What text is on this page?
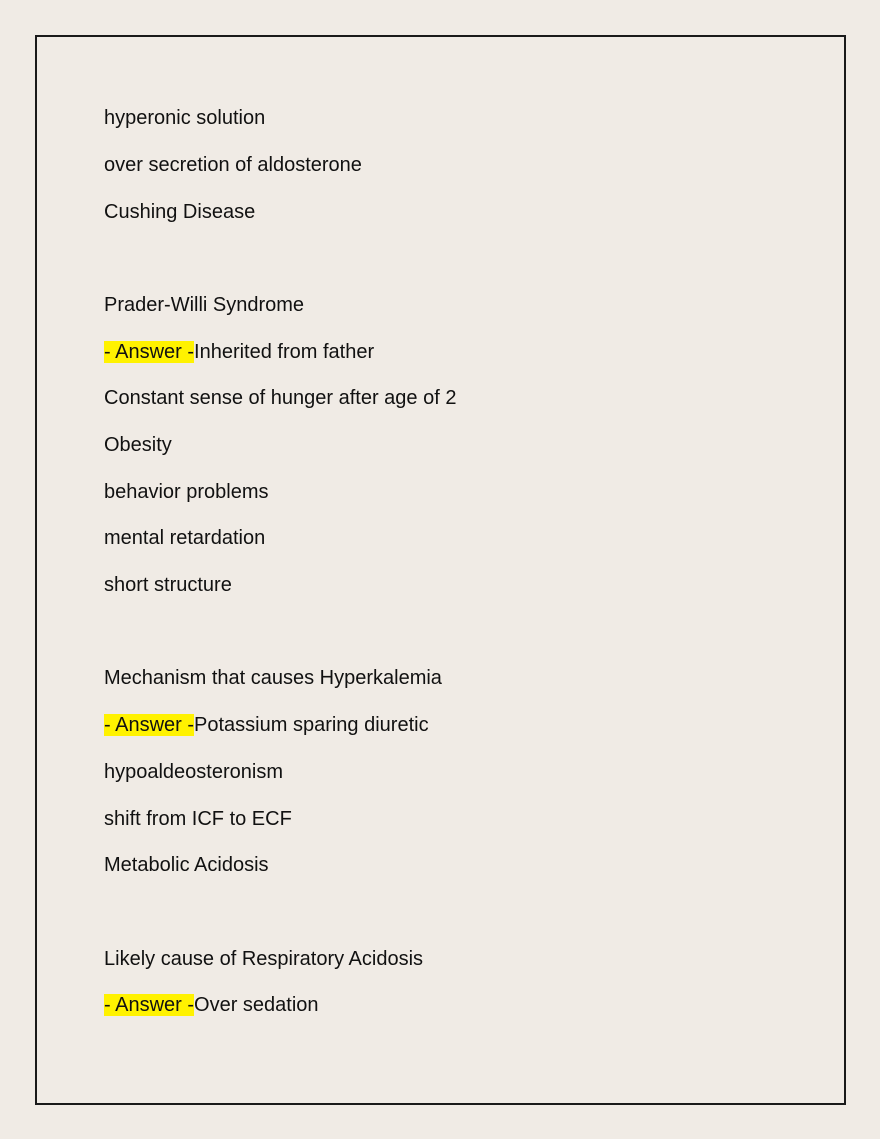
hyperonic solution
over secretion of aldosterone
Cushing Disease
Prader-Willi Syndrome
- Answer -Inherited from father
Constant sense of hunger after age of 2
Obesity
behavior problems
mental retardation
short structure
Mechanism that causes Hyperkalemia
- Answer -Potassium sparing diuretic
hypoaldeosteronism
shift from ICF to ECF
Metabolic Acidosis
Likely cause of Respiratory Acidosis
- Answer -Over sedation
